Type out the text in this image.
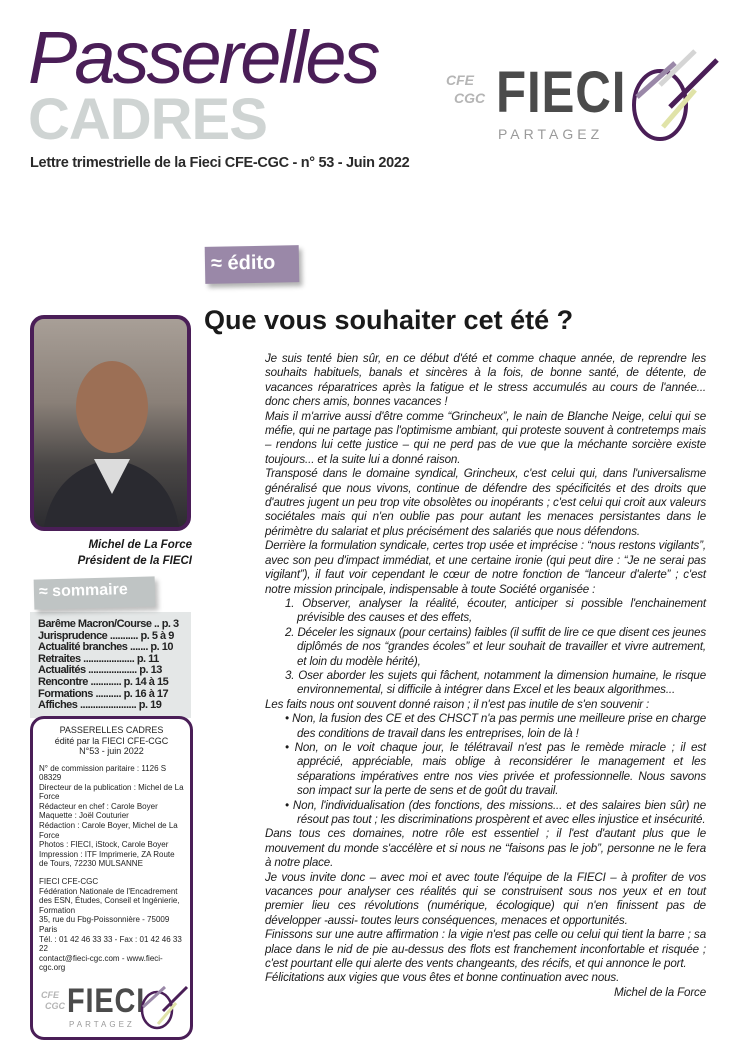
Passerelles
CADRES
Lettre trimestrielle de la Fieci CFE-CGC - n° 53 - Juin 2022
CFE
CGC FIECI
PARTAGEZ
≈ édito
Que vous souhaiter cet été ?
Michel de La Force
Président de la FIECI
≈ sommaire
Barême Macron/Course .. p. 3
Jurisprudence ........... p. 5 à 9
Actualité branches ....... p. 10
Retraites .................... p. 11
Actualités ................... p. 13
Rencontre ............ p. 14 à 15
Formations .......... p. 16 à 17
Affiches ...................... p. 19
PASSERELLES CADRES
édité par la FIECI CFE-CGC
N°53 - juin 2022
N° de commission paritaire : 1126 S 08329
Directeur de la publication : Michel de La Force
Rédacteur en chef : Carole Boyer
Maquette : Joël Couturier
Rédaction : Carole Boyer, Michel de La Force
Photos : FIECI, iStock, Carole Boyer
Impression : ITF Imprimerie, ZA Route de Tours, 72230 MULSANNE
FIECI CFE-CGC
Fédération Nationale de l'Encadrement des ESN, Études, Conseil et Ingénierie, Formation
35, rue du Fbg-Poissonnière - 75009 Paris
Tél. : 01 42 46 33 33 - Fax : 01 42 46 33 22
contact@fieci-cgc.com - www.fieci-cgc.org
CFE
CGC FIECI
PARTAGEZ

Je suis tenté bien sûr, en ce début d'été et comme chaque année, de reprendre les souhaits habituels, banals et sincères à la fois, de bonne santé, de détente, de vacances réparatrices après la fatigue et le stress accumulés au cours de l'année... donc chers amis, bonnes vacances !

Mais il m'arrive aussi d'être comme “Grincheux”, le nain de Blanche Neige, celui qui se méfie, qui ne partage pas l'optimisme ambiant, qui proteste souvent à contretemps mais – rendons lui cette justice – qui ne perd pas de vue que la méchante sorcière existe toujours... et la suite lui a donné raison.

Transposé dans le domaine syndical, Grincheux, c'est celui qui, dans l'universalisme généralisé que nous vivons, continue de défendre des spécificités et des droits que d'autres jugent un peu trop vite obsolètes ou inopérants ; c'est celui qui croit aux valeurs sociétales mais qui n'en oublie pas pour autant les menaces persistantes dans le périmètre du salariat et plus précisément des salariés que nous défendons.

Derrière la formulation syndicale, certes trop usée et imprécise : “nous restons vigilants”, avec son peu d'impact immédiat, et une certaine ironie (qui peut dire : “Je ne serai pas vigilant”), il faut voir cependant le cœur de notre fonction de “lanceur d'alerte” ; c'est notre mission principale, indispensable à toute Société organisée :

1. Observer, analyser la réalité, écouter, anticiper si possible l'enchainement prévisible des causes et des effets,

2. Déceler les signaux (pour certains) faibles (il suffit de lire ce que disent ces jeunes diplômés de nos “grandes écoles” et leur souhait de travailler et vivre autrement, et loin du modèle hérité),

3. Oser aborder les sujets qui fâchent, notamment la dimension humaine, le risque environnemental, si difficile à intégrer dans Excel et les beaux algorithmes...

Les faits nous ont souvent donné raison ; il n'est pas inutile de s'en souvenir :

• Non, la fusion des CE et des CHSCT n'a pas permis une meilleure prise en charge des conditions de travail dans les entreprises, loin de là !

• Non, on le voit chaque jour, le télétravail n'est pas le remède miracle ; il est apprécié, appréciable, mais oblige à reconsidérer le management et les séparations impératives entre nos vies privée et professionnelle. Nous savons son impact sur la perte de sens et de goût du travail.

• Non, l'individualisation (des fonctions, des missions... et des salaires bien sûr) ne résout pas tout ; les discriminations prospèrent et avec elles injustice et insécurité.

Dans tous ces domaines, notre rôle est essentiel ; il l'est d'autant plus que le mouvement du monde s'accélère et si nous ne “faisons pas le job”, personne ne le fera à notre place.

Je vous invite donc – avec moi et avec toute l'équipe de la FIECI – à profiter de vos vacances pour analyser ces réalités qui se construisent sous nos yeux et en tout premier lieu ces révolutions (numérique, écologique) qui n'en finissent pas de développer -aussi- toutes leurs conséquences, menaces et opportunités.

Finissons sur une autre affirmation : la vigie n'est pas celle ou celui qui tient la barre ; sa place dans le nid de pie au-dessus des flots est franchement inconfortable et risquée ; c'est pourtant elle qui alerte des vents changeants, des récifs, et qui annonce le port.

Félicitations aux vigies que vous êtes et bonne continuation avec nous.

Michel de la Force
